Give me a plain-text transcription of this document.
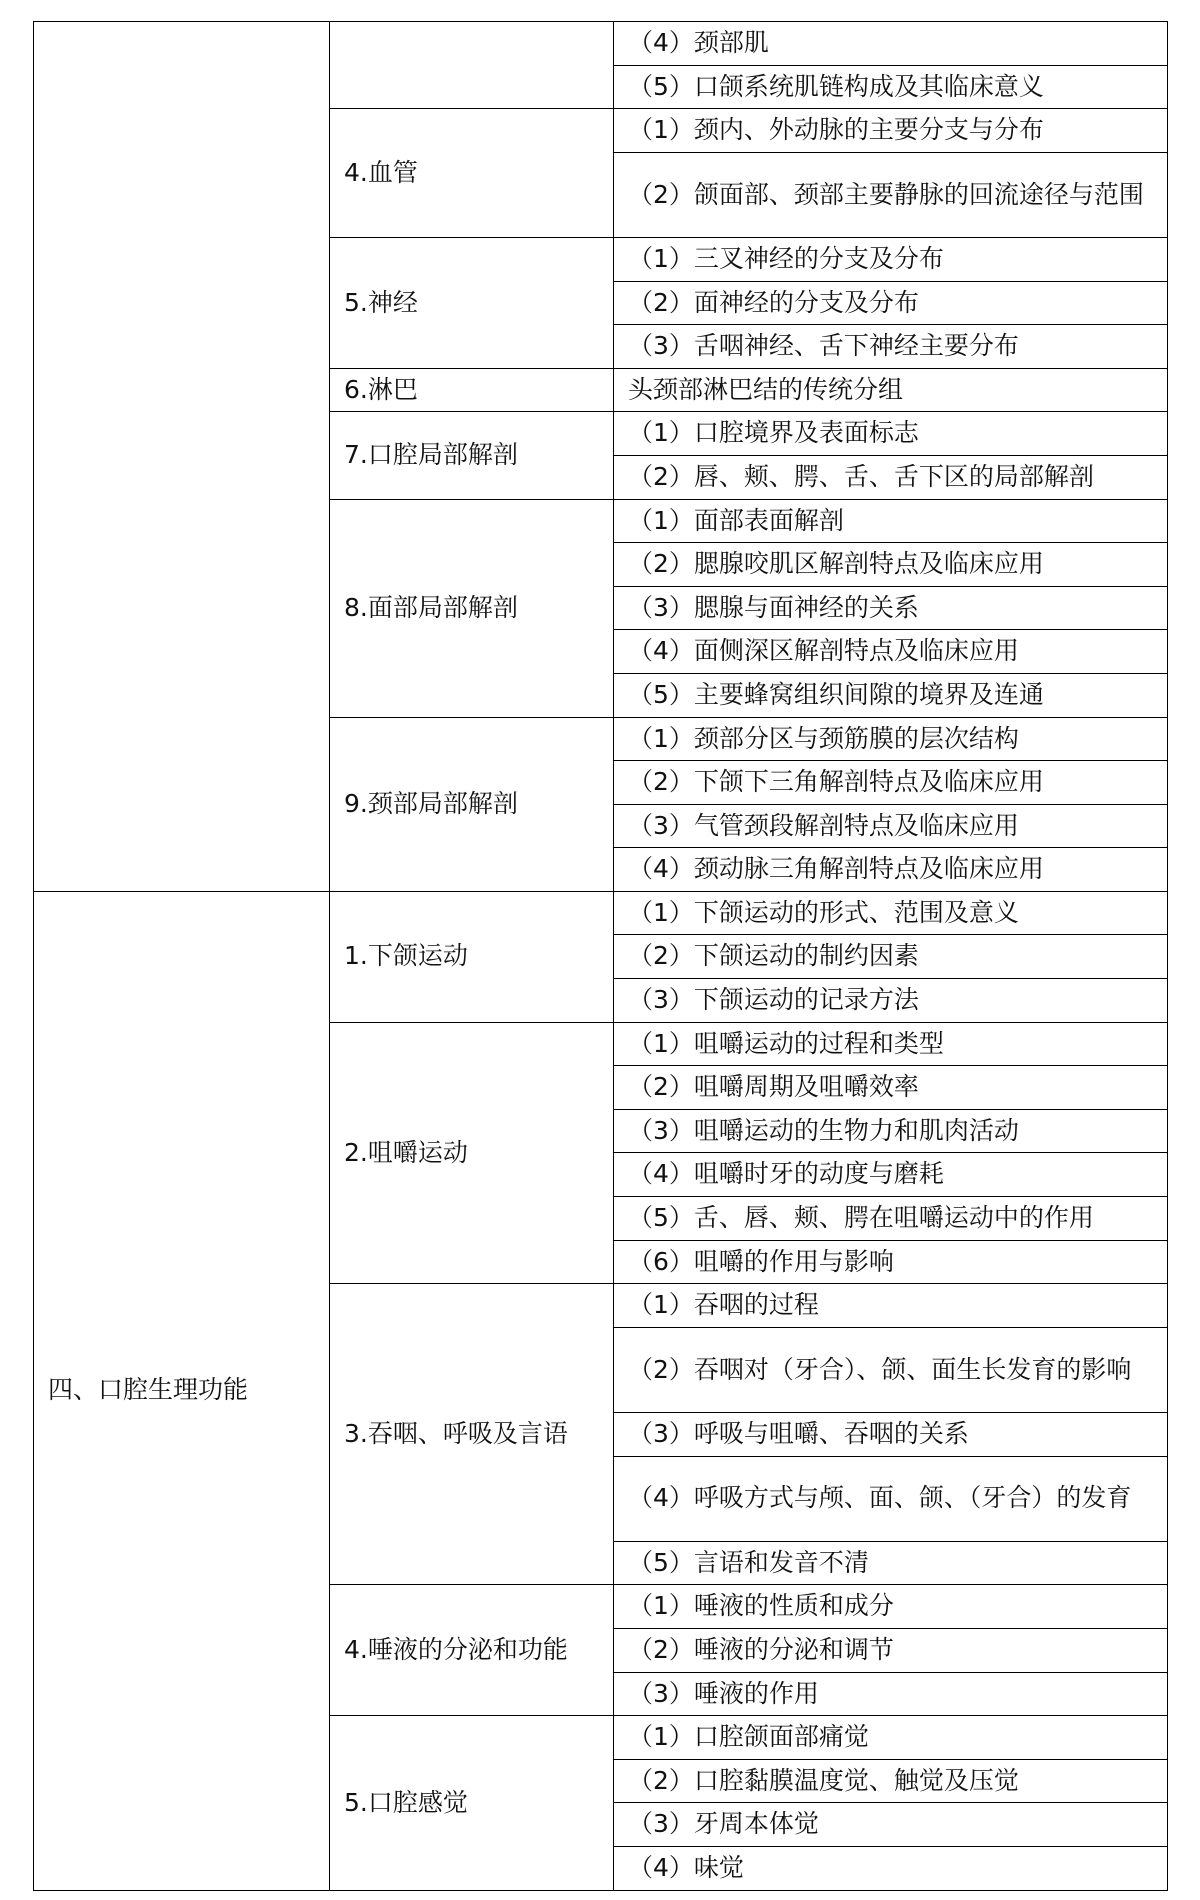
		（4）颈部肌
		（5）口颌系统肌链构成及其临床意义
	4.血管	（1）颈内、外动脉的主要分支与分布
		（2）颌面部、颈部主要静脉的回流途径与范围
	5.神经	（1）三叉神经的分支及分布
		（2）面神经的分支及分布
		（3）舌咽神经、舌下神经主要分布
	6.淋巴	头颈部淋巴结的传统分组
	7.口腔局部解剖	（1）口腔境界及表面标志
		（2）唇、颊、腭、舌、舌下区的局部解剖
	8.面部局部解剖	（1）面部表面解剖
		（2）腮腺咬肌区解剖特点及临床应用
		（3）腮腺与面神经的关系
		（4）面侧深区解剖特点及临床应用
		（5）主要蜂窝组织间隙的境界及连通
	9.颈部局部解剖	（1）颈部分区与颈筋膜的层次结构
		（2）下颌下三角解剖特点及临床应用
		（3）气管颈段解剖特点及临床应用
		（4）颈动脉三角解剖特点及临床应用
四、口腔生理功能	1.下颌运动	（1）下颌运动的形式、范围及意义
		（2）下颌运动的制约因素
		（3）下颌运动的记录方法
	2.咀嚼运动	（1）咀嚼运动的过程和类型
		（2）咀嚼周期及咀嚼效率
		（3）咀嚼运动的生物力和肌肉活动
		（4）咀嚼时牙的动度与磨耗
		（5）舌、唇、颊、腭在咀嚼运动中的作用
		（6）咀嚼的作用与影响
	3.吞咽、呼吸及言语	（1）吞咽的过程
		（2）吞咽对（牙合）、颌、面生长发育的影响
		（3）呼吸与咀嚼、吞咽的关系
		（4）呼吸方式与颅、面、颌、（牙合）的发育
		（5）言语和发音不清
	4.唾液的分泌和功能	（1）唾液的性质和成分
		（2）唾液的分泌和调节
		（3）唾液的作用
	5.口腔感觉	（1）口腔颌面部痛觉
		（2）口腔黏膜温度觉、触觉及压觉
		（3）牙周本体觉
		（4）味觉
